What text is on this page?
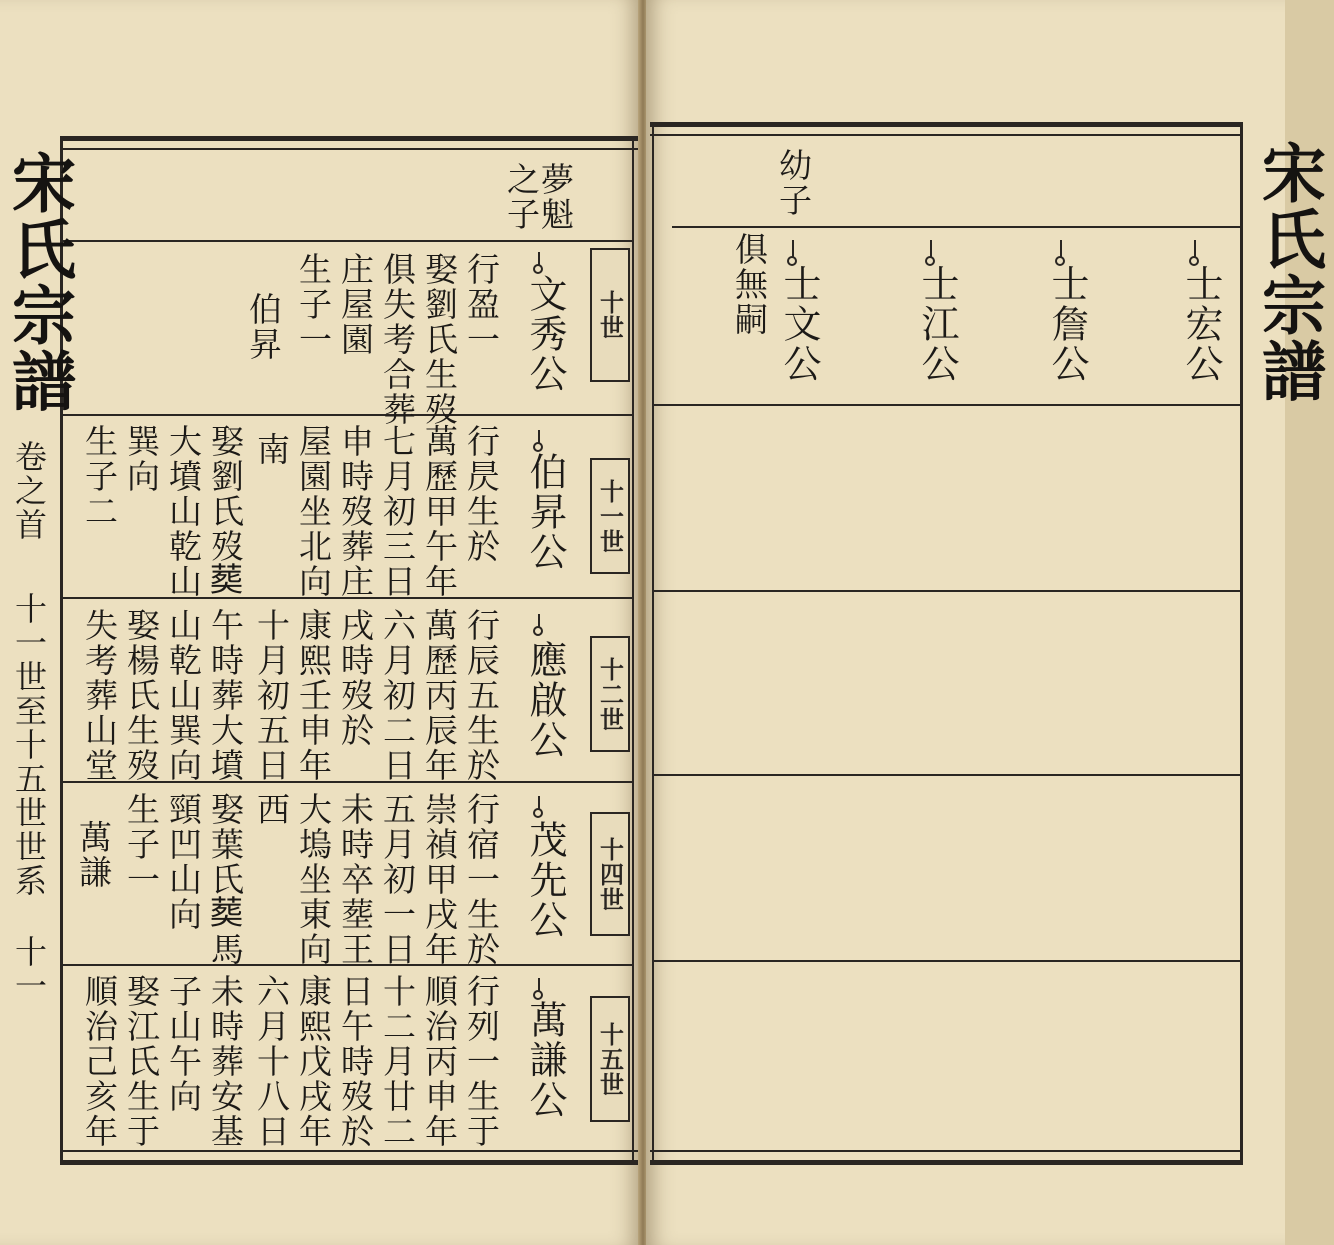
宋氏宗譜
卷之首
十一世至十五世世系
十一
夢魁
之子
十世
文秀公
行盈一
娶劉氏生歿
俱失考合葬
庄屋園
生子一
伯昇
十一世
伯昇公
行昃生於
萬歷甲午年
七月初三日
申時歿葬庄
屋園坐北向
南
娶劉氏歿𦵏
大墳山乾山
巽向
生子二
十二世
應啟公
行辰五生於
萬歷丙辰年
六月初二日
戌時歿於
康熙壬申年
十月初五日
午時葬大墳
山乾山巽向
娶楊氏生歿
失考葬山堂
十四世
茂先公
行宿一生於
崇禎甲戌年
五月初一日
未時卒塟王
大塢坐東向
西
娶葉氏𦵏馬
頸凹山向
生子一
萬謙
十五世
萬謙公
行列一生于
順治丙申年
十二月廿二
日午時歿於
康熙戊戌年
六月十八日
未時葬安基
子山午向
娶江氏生于
順治己亥年
宋氏宗譜
幼子
士宏公
士詹公
士江公
士文公
俱無嗣
